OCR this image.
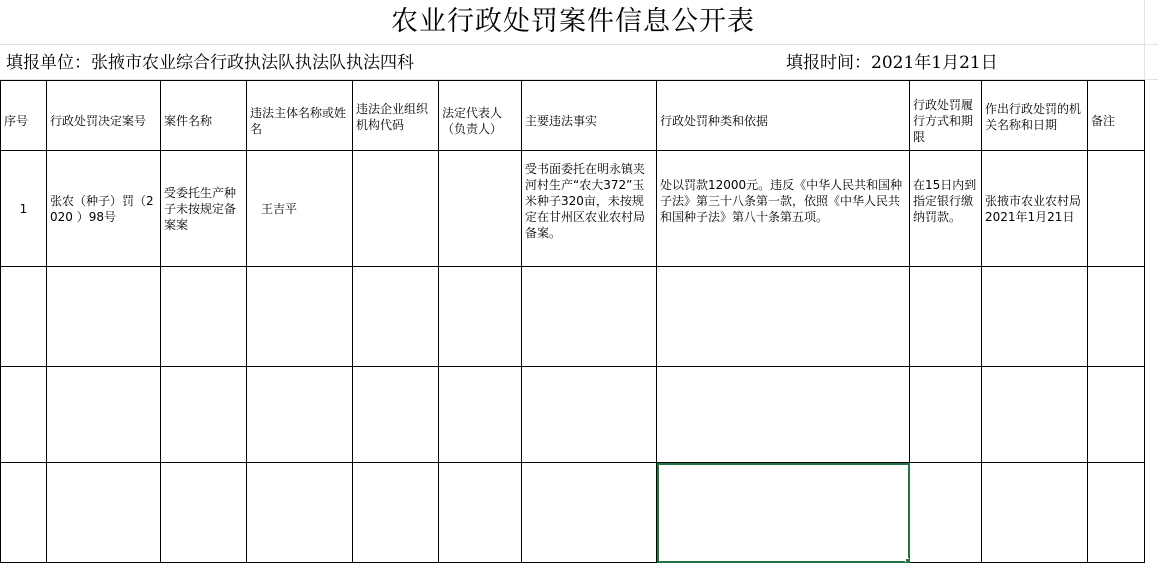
农业行政处罚案件信息公开表
填报单位：张掖市农业综合行政执法队执法队执法四科	填报时间：2021年1月21日
序号	行政处罚决定案号	案件名称	违法主体名称或姓名	违法企业组织机构代码	法定代表人（负责人）	主要违法事实	行政处罚种类和依据	行政处罚履行方式和期限	作出行政处罚的机关名称和日期	备注
1	张农（种子）罚（2020 ）98号	受委托生产种子未按规定备案案	王吉平			受书面委托在明永镇夹河村生产“农大372”玉米种子320亩，未按规定在甘州区农业农村局备案。	处以罚款12000元。违反《中华人民共和国种子法》第三十八条第一款，依照《中华人民共和国种子法》第八十条第五项。	在15日内到指定银行缴纳罚款。	张掖市农业农村局 2021年1月21日	
